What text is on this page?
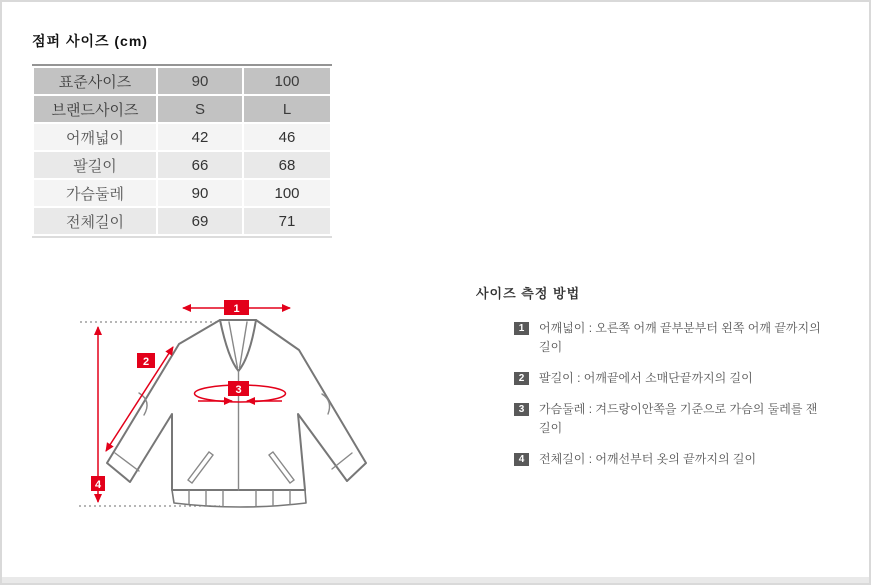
점퍼 사이즈 (cm)
표준사이즈	90	100
브랜드사이즈	S	L
어깨넓이	42	46
팔길이	66	68
가슴둘레	90	100
전체길이	69	71
1
2
3
4
사이즈 측정 방법
1	어깨넓이 : 오른쪽 어깨 끝부분부터 왼쪽 어깨 끝까지의 길이
2	팔길이 : 어깨끝에서 소매단끝까지의 길이
3	가슴둘레 : 겨드랑이안쪽을 기준으로 가슴의 둘레를 잰 길이
4	전체길이 : 어깨선부터 옷의 끝까지의 길이
